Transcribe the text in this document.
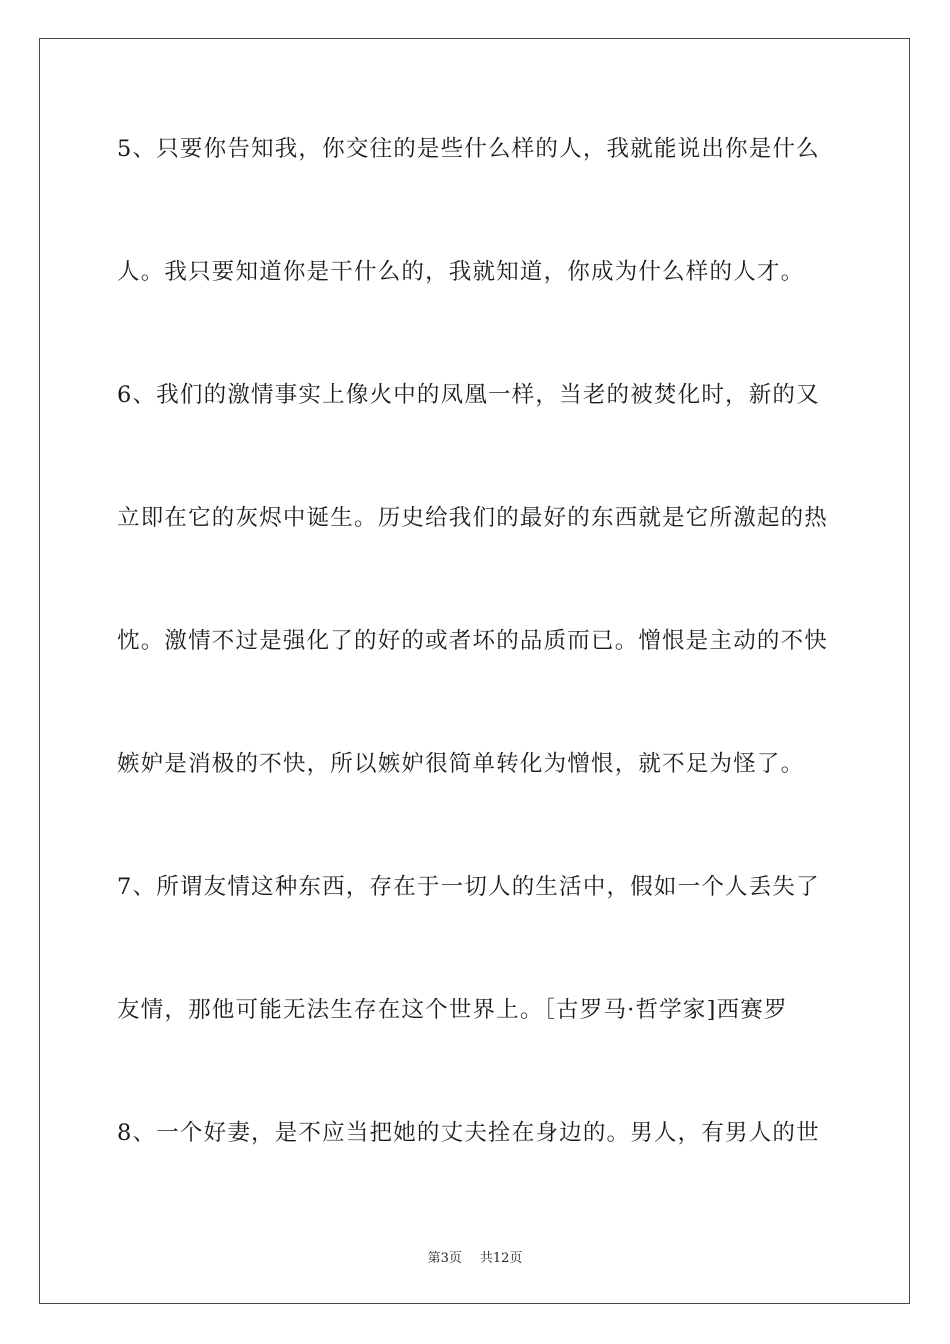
5、只要你告知我，你交往的是些什么样的人，我就能说出你是什么
人。我只要知道你是干什么的，我就知道，你成为什么样的人才。
6、我们的激情事实上像火中的凤凰一样，当老的被焚化时，新的又
立即在它的灰烬中诞生。历史给我们的最好的东西就是它所激起的热
忱。激情不过是强化了的好的或者坏的品质而已。憎恨是主动的不快
嫉妒是消极的不快，所以嫉妒很简单转化为憎恨，就不足为怪了。
7、所谓友情这种东西，存在于一切人的生活中，假如一个人丢失了
友情，那他可能无法生存在这个世界上。［古罗马·哲学家]西赛罗
8、一个好妻，是不应当把她的丈夫拴在身边的。男人，有男人的世
第3页 共12页
